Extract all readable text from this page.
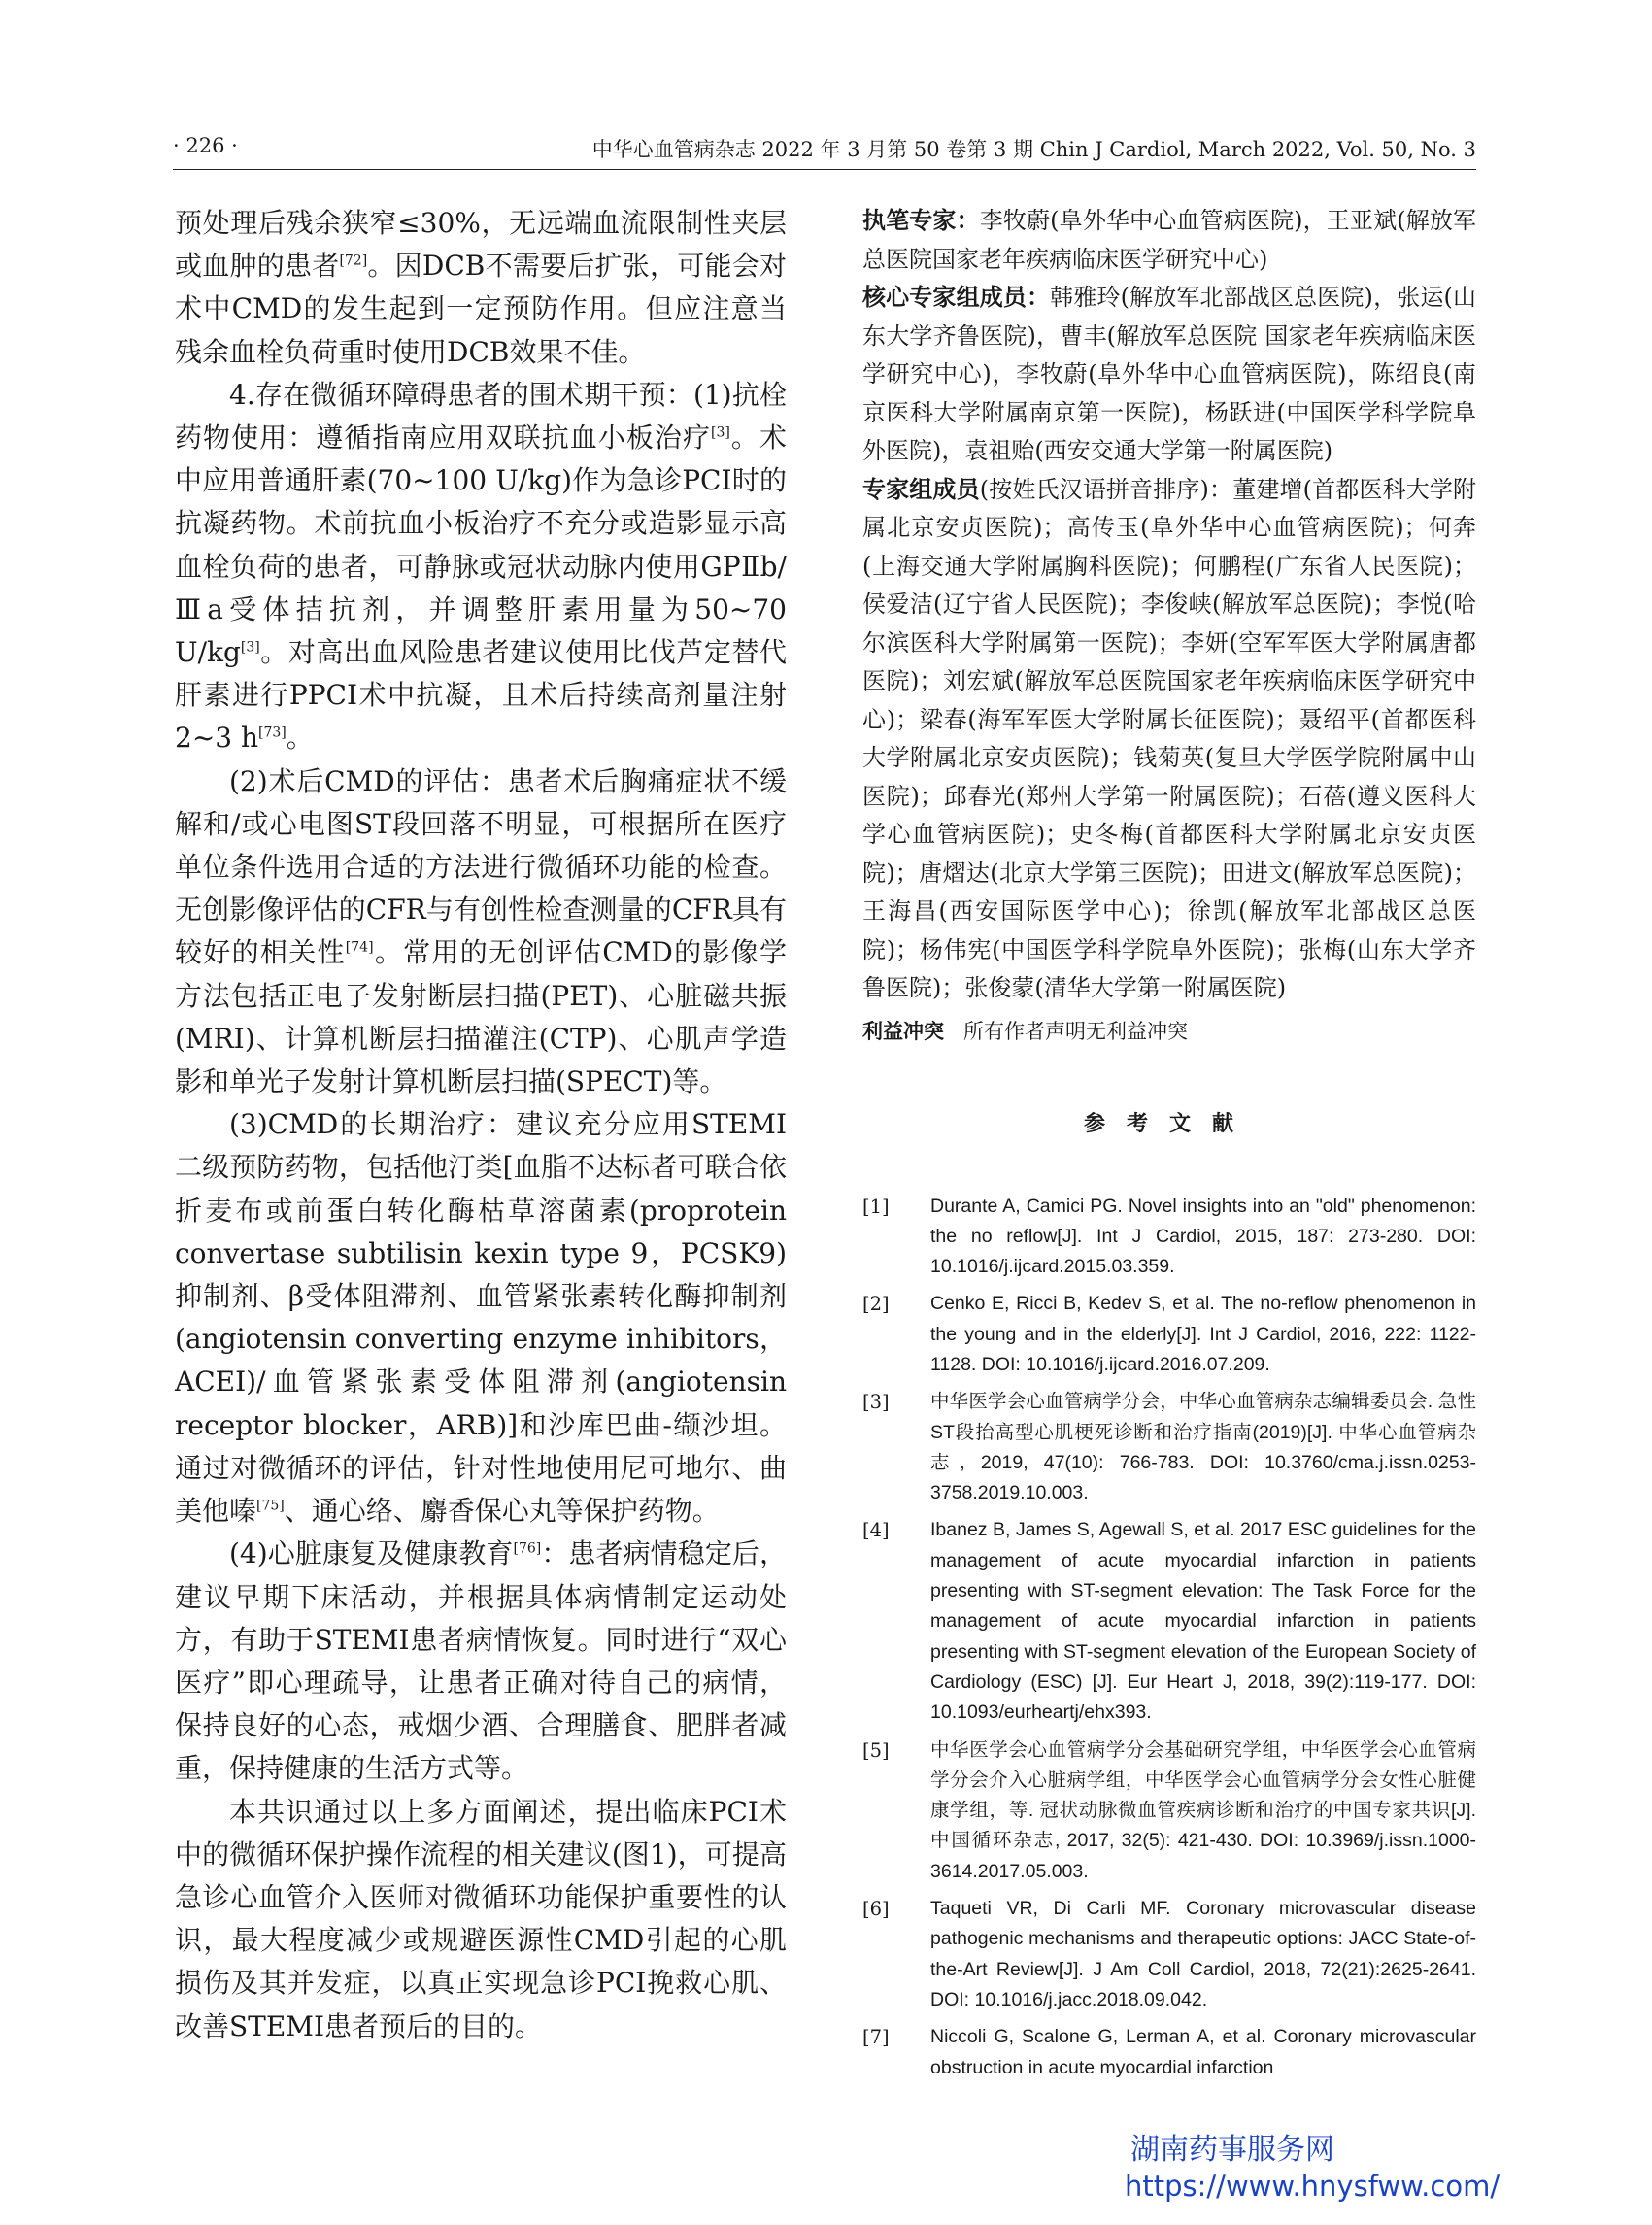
· 226 ·	中华心血管病杂志 2022 年 3 月第 50 卷第 3 期 Chin J Cardiol, March 2022, Vol. 50, No. 3

预处理后残余狭窄≤30%，无远端血流限制性夹层或血肿的患者[72]。因DCB不需要后扩张，可能会对术中CMD的发生起到一定预防作用。但应注意当残余血栓负荷重时使用DCB效果不佳。

4.存在微循环障碍患者的围术期干预：(1)抗栓药物使用：遵循指南应用双联抗血小板治疗[3]。术中应用普通肝素(70~100 U/kg)作为急诊PCI时的抗凝药物。术前抗血小板治疗不充分或造影显示高血栓负荷的患者，可静脉或冠状动脉内使用GPⅡb/Ⅲa受体拮抗剂，并调整肝素用量为50~70 U/kg[3]。对高出血风险患者建议使用比伐芦定替代肝素进行PPCI术中抗凝，且术后持续高剂量注射2~3 h[73]。

(2)术后CMD的评估：患者术后胸痛症状不缓解和/或心电图ST段回落不明显，可根据所在医疗单位条件选用合适的方法进行微循环功能的检查。无创影像评估的CFR与有创性检查测量的CFR具有较好的相关性[74]。常用的无创评估CMD的影像学方法包括正电子发射断层扫描(PET)、心脏磁共振(MRI)、计算机断层扫描灌注(CTP)、心肌声学造影和单光子发射计算机断层扫描(SPECT)等。

(3)CMD的长期治疗：建议充分应用STEMI二级预防药物，包括他汀类[血脂不达标者可联合依折麦布或前蛋白转化酶枯草溶菌素(proprotein convertase subtilisin kexin type 9，PCSK9)抑制剂、β受体阻滞剂、血管紧张素转化酶抑制剂(angiotensin converting enzyme inhibitors，ACEI)/血管紧张素受体阻滞剂(angiotensin receptor blocker，ARB)]和沙库巴曲-缬沙坦。通过对微循环的评估，针对性地使用尼可地尔、曲美他嗪[75]、通心络、麝香保心丸等保护药物。

(4)心脏康复及健康教育[76]：患者病情稳定后，建议早期下床活动，并根据具体病情制定运动处方，有助于STEMI患者病情恢复。同时进行“双心医疗”即心理疏导，让患者正确对待自己的病情，保持良好的心态，戒烟少酒、合理膳食、肥胖者减重，保持健康的生活方式等。

本共识通过以上多方面阐述，提出临床PCI术中的微循环保护操作流程的相关建议(图1)，可提高急诊心血管介入医师对微循环功能保护重要性的认识，最大程度减少或规避医源性CMD引起的心肌损伤及其并发症，以真正实现急诊PCI挽救心肌、改善STEMI患者预后的目的。

执笔专家：李牧蔚(阜外华中心血管病医院)，王亚斌(解放军总医院国家老年疾病临床医学研究中心)

核心专家组成员：韩雅玲(解放军北部战区总医院)，张运(山东大学齐鲁医院)，曹丰(解放军总医院 国家老年疾病临床医学研究中心)，李牧蔚(阜外华中心血管病医院)，陈绍良(南京医科大学附属南京第一医院)，杨跃进(中国医学科学院阜外医院)，袁祖贻(西安交通大学第一附属医院)

专家组成员(按姓氏汉语拼音排序)：董建增(首都医科大学附属北京安贞医院)；高传玉(阜外华中心血管病医院)；何奔(上海交通大学附属胸科医院)；何鹏程(广东省人民医院)；侯爱洁(辽宁省人民医院)；李俊峡(解放军总医院)；李悦(哈尔滨医科大学附属第一医院)；李妍(空军军医大学附属唐都医院)；刘宏斌(解放军总医院国家老年疾病临床医学研究中心)；梁春(海军军医大学附属长征医院)；聂绍平(首都医科大学附属北京安贞医院)；钱菊英(复旦大学医学院附属中山医院)；邱春光(郑州大学第一附属医院)；石蓓(遵义医科大学心血管病医院)；史冬梅(首都医科大学附属北京安贞医院)；唐熠达(北京大学第三医院)；田进文(解放军总医院)；王海昌(西安国际医学中心)；徐凯(解放军北部战区总医院)；杨伟宪(中国医学科学院阜外医院)；张梅(山东大学齐鲁医院)；张俊蒙(清华大学第一附属医院)

利益冲突 所有作者声明无利益冲突

参考文献
[1]	Durante A, Camici PG. Novel insights into an "old" phenomenon: the no reflow[J]. Int J Cardiol, 2015, 187: 273-280. DOI: 10.1016/j.ijcard.2015.03.359.
[2]	Cenko E, Ricci B, Kedev S, et al. The no-reflow phenomenon in the young and in the elderly[J]. Int J Cardiol, 2016, 222: 1122-1128. DOI: 10.1016/j.ijcard.2016.07.209.
[3]	中华医学会心血管病学分会，中华心血管病杂志编辑委员会. 急性ST段抬高型心肌梗死诊断和治疗指南(2019)[J]. 中华心血管病杂志, 2019, 47(10): 766-783. DOI: 10.3760/cma.j.issn.0253-3758.2019.10.003.
[4]	Ibanez B, James S, Agewall S, et al. 2017 ESC guidelines for the management of acute myocardial infarction in patients presenting with ST-segment elevation: The Task Force for the management of acute myocardial infarction in patients presenting with ST-segment elevation of the European Society of Cardiology (ESC) [J]. Eur Heart J, 2018, 39(2):119-177. DOI: 10.1093/eurheartj/ehx393.
[5]	中华医学会心血管病学分会基础研究学组，中华医学会心血管病学分会介入心脏病学组，中华医学会心血管病学分会女性心脏健康学组，等. 冠状动脉微血管疾病诊断和治疗的中国专家共识[J]. 中国循环杂志, 2017, 32(5): 421-430. DOI: 10.3969/j.issn.1000-3614.2017.05.003.
[6]	Taqueti VR, Di Carli MF. Coronary microvascular disease pathogenic mechanisms and therapeutic options: JACC State-of-the-Art Review[J]. J Am Coll Cardiol, 2018, 72(21):2625-2641. DOI: 10.1016/j.jacc.2018.09.042.
[7]	Niccoli G, Scalone G, Lerman A, et al. Coronary microvascular obstruction in acute myocardial infarction
湖南药事服务网
https://www.hnysfww.com/
